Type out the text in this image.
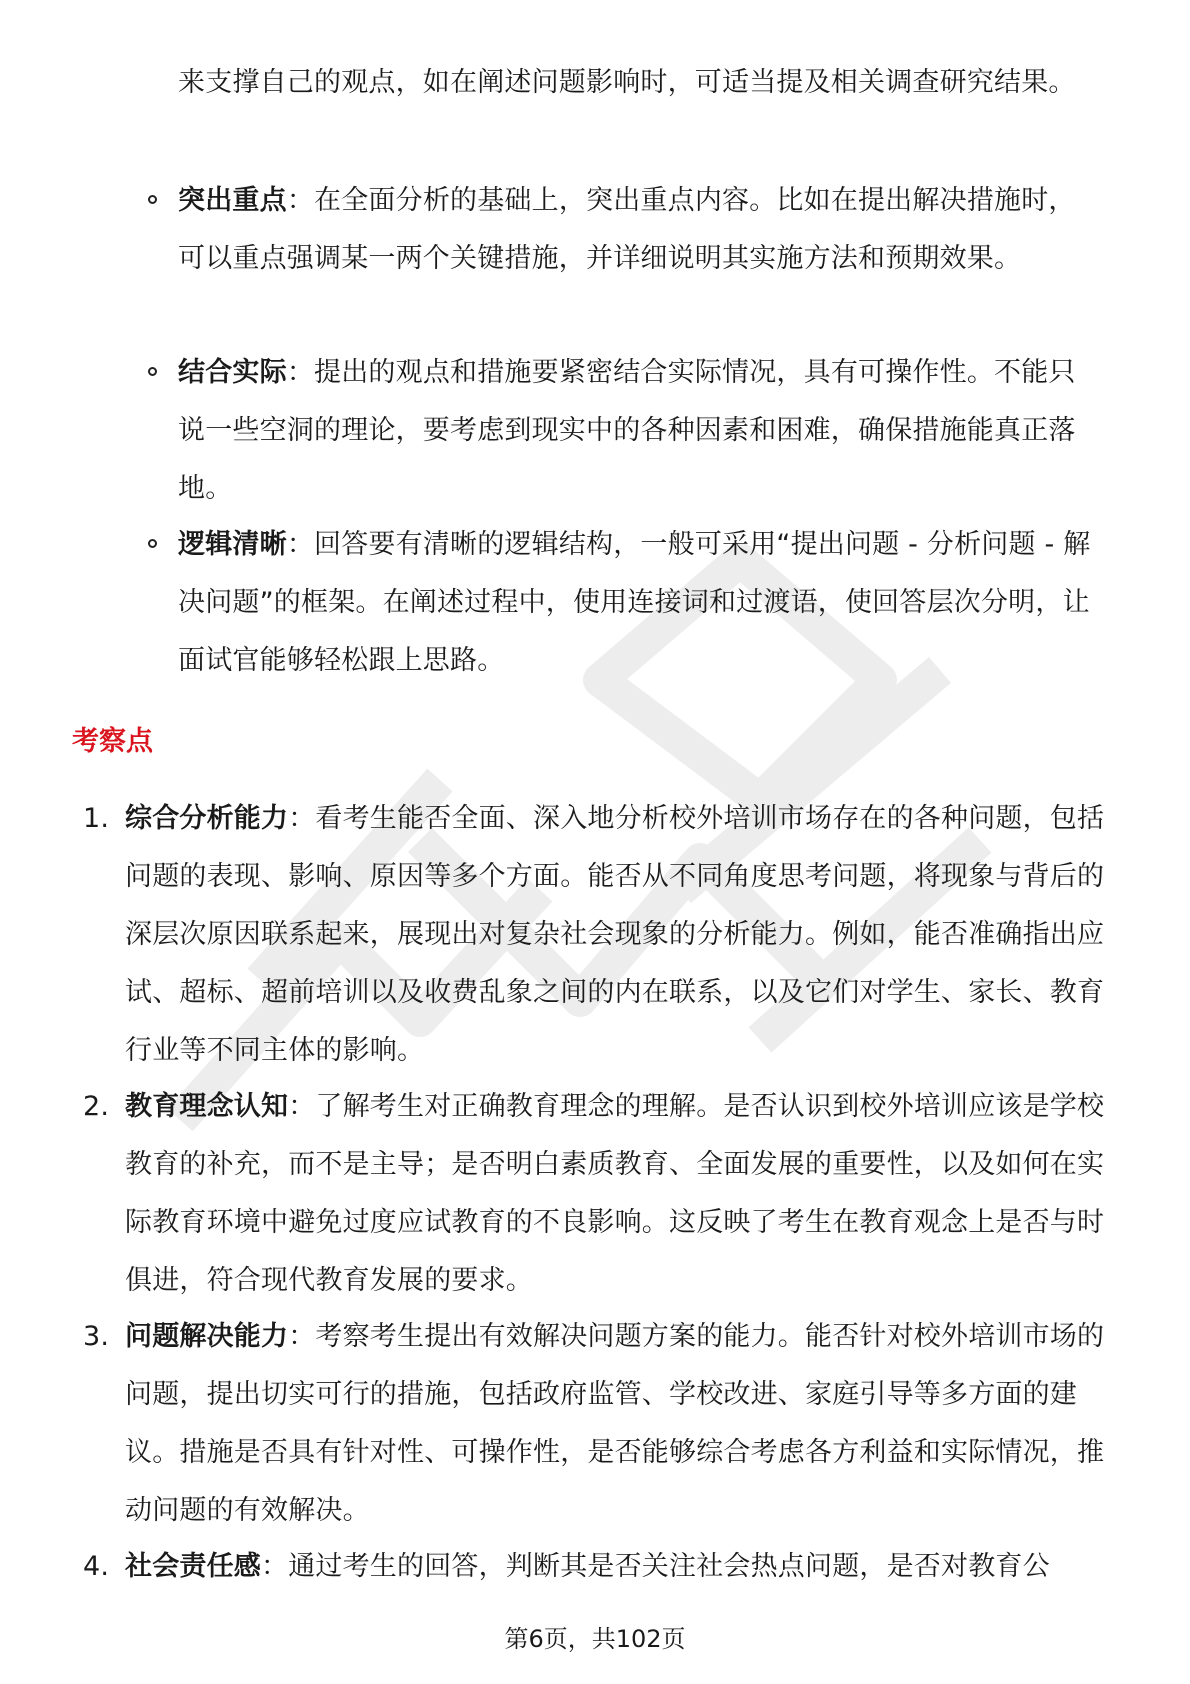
来支撑自己的观点，如在阐述问题影响时，可适当提及相关调查研究结果。
突出重点：在全面分析的基础上，突出重点内容。比如在提出解决措施时，可以重点强调某一两个关键措施，并详细说明其实施方法和预期效果。
结合实际：提出的观点和措施要紧密结合实际情况，具有可操作性。不能只说一些空洞的理论，要考虑到现实中的各种因素和困难，确保措施能真正落地。
逻辑清晰：回答要有清晰的逻辑结构，一般可采用“提出问题 - 分析问题 - 解决问题”的框架。在阐述过程中，使用连接词和过渡语，使回答层次分明，让面试官能够轻松跟上思路。
考察点
1. 综合分析能力：看考生能否全面、深入地分析校外培训市场存在的各种问题，包括问题的表现、影响、原因等多个方面。能否从不同角度思考问题，将现象与背后的深层次原因联系起来，展现出对复杂社会现象的分析能力。例如，能否准确指出应试、超标、超前培训以及收费乱象之间的内在联系，以及它们对学生、家长、教育行业等不同主体的影响。
2. 教育理念认知：了解考生对正确教育理念的理解。是否认识到校外培训应该是学校教育的补充，而不是主导；是否明白素质教育、全面发展的重要性，以及如何在实际教育环境中避免过度应试教育的不良影响。这反映了考生在教育观念上是否与时俱进，符合现代教育发展的要求。
3. 问题解决能力：考察考生提出有效解决问题方案的能力。能否针对校外培训市场的问题，提出切实可行的措施，包括政府监管、学校改进、家庭引导等多方面的建议。措施是否具有针对性、可操作性，是否能够综合考虑各方利益和实际情况，推动问题的有效解决。
4. 社会责任感：通过考生的回答，判断其是否关注社会热点问题，是否对教育公
第6页，共102页
